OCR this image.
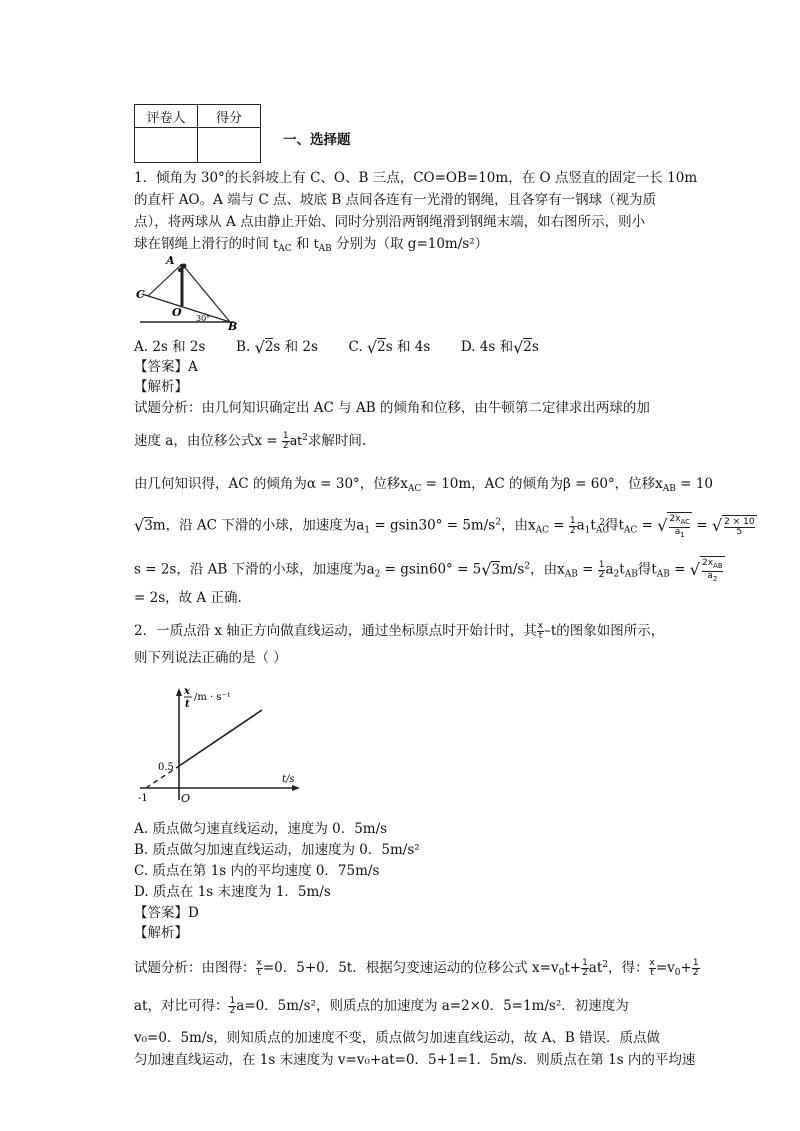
评卷人	得分

一、选择题
1．倾角为 30°的长斜坡上有 C、O、B 三点，CO=OB=10m，在 O 点竖直的固定一长 10m
的直杆 AO。A 端与 C 点、坡底 B 点间各连有一光滑的钢绳，且各穿有一钢球（视为质
点），将两球从 A 点由静止开始、同时分别沿两钢绳滑到钢绳末端，如右图所示，则小
球在钢绳上滑行的时间 $t_{AC}$ 和 $t_{AB}$ 分别为（取 g=10m/s²）
A
C
O
B
30°
A. 2s 和 2s B. √ 2s 和 2s C. √ 2s 和 4s D. 4s 和 √ 2s
【答案】A
【解析】
试题分析：由几何知识确定出 AC 与 AB 的倾角和位移，由牛顿第二定律求出两球的加
速度 a，由位移公式$x = \frac{1}{2} at^2$求解时间.
由几何知识得，AC 的倾角为α = 30°，位移$x_{AC} = 10m$，AC 的倾角为β = 60°，位移$x_{AB} = 10$
√ 3m，沿 AC 下滑的小球，加速度为$a_1 = gsin30^\circ = 5m/s^2$，由$x_{AC} = \frac{1}{2} a_1t_{AC}^2$得$t_{AC}$ = √ $2x_{AC}$
$a_1$
= √ $\frac{2 \times 10}{5}$
s = 2s，沿 AB 下滑的小球，加速度为$a_2 = gsin60^\circ = 5$ √ $3m/s^2$，由$x_{AB} = \frac{1}{2} a_2t_{AB}$得$t_{AB}$ = √ $2x_{AB}$
$a_2$
= 2s，故 A 正确.
2．一质点沿 x 轴正方向做直线运动，通过坐标原点时开始计时，其 $\frac{x}{t} -t$的图象如图所示，
则下列说法正确的是（ ）
x
t
/m · s⁻¹
t/s
0.5
-1	O
A. 质点做匀速直线运动，速度为 0．5m/s
B. 质点做匀加速直线运动，加速度为 0．5m/s²
C. 质点在第 1s 内的平均速度 0．75m/s
D. 质点在 1s 末速度为 1．5m/s
【答案】D
【解析】
试题分析：由图得： $\frac{x}{t} =0$．5+0．5t．根据匀变速运动的位移公式 $x=v_0t+ \frac{1}{2} at^2$，得： $\frac{x}{t} =v_0+ \frac{1}{2}$
at，对比可得： $\frac{1}{2} a=0$．5m/s²，则质点的加速度为 a=2×0．5=1m/s²．初速度为
v₀=0．5m/s，则知质点的加速度不变，质点做匀加速直线运动，故 A、B 错误．质点做
匀加速直线运动，在 1s 末速度为 v=v₀+at=0．5+1=1．5m/s．则质点在第 1s 内的平均速
